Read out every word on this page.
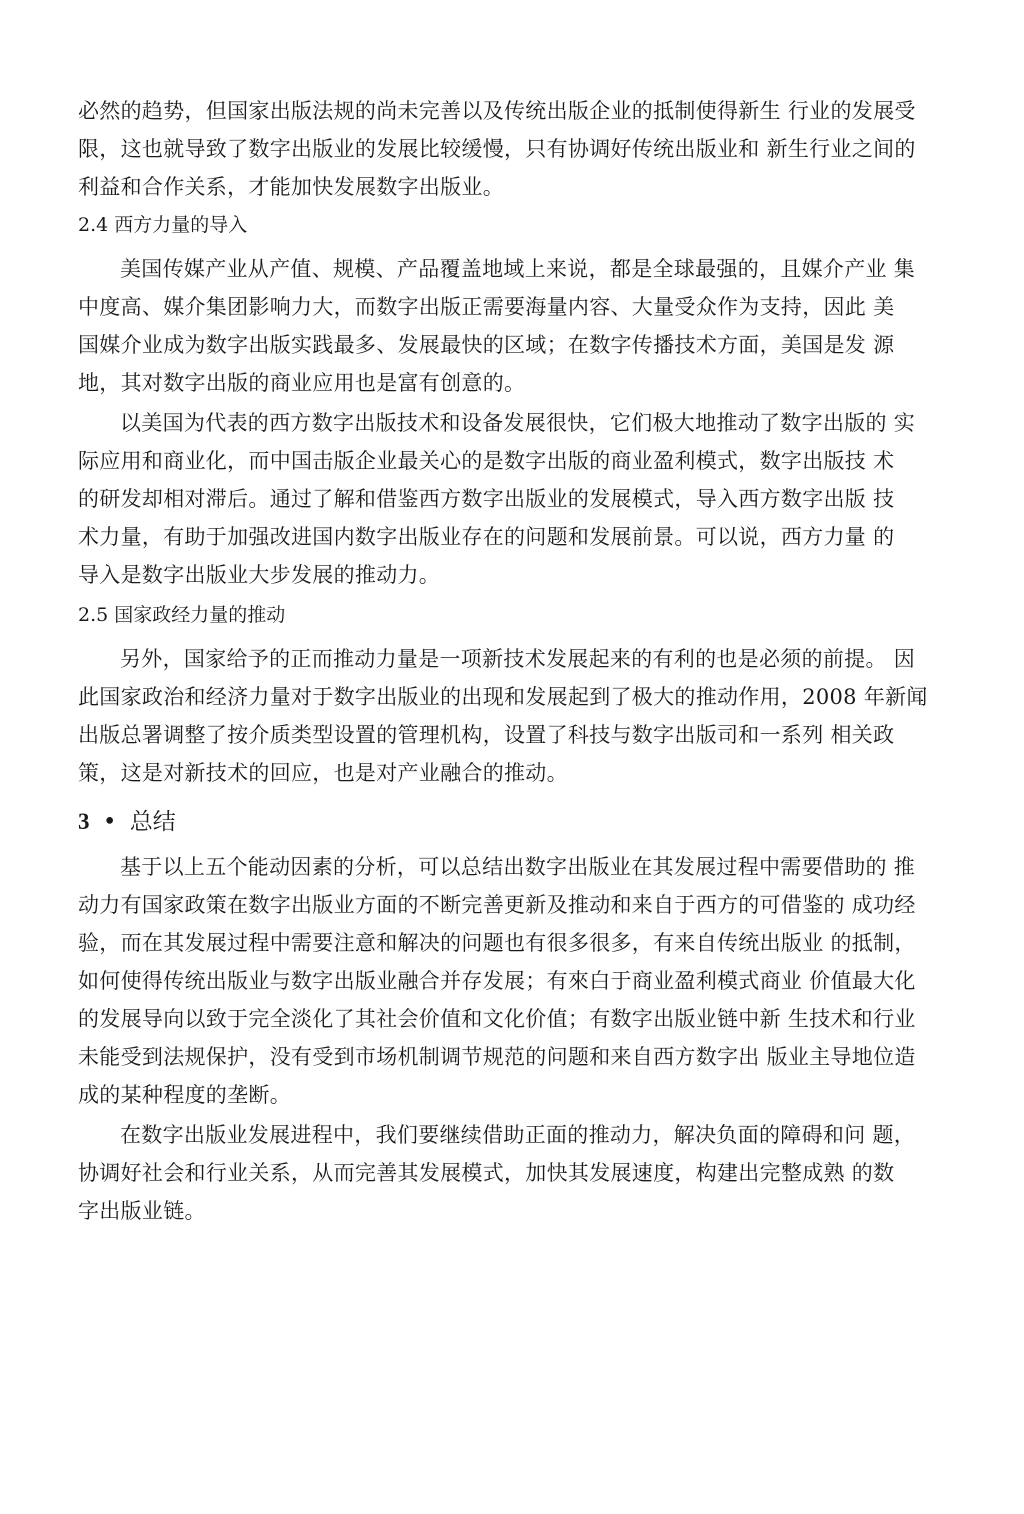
必然的趋势，但国家出版法规的尚未完善以及传统出版企业的抵制使得新生 行业的发展受
限，这也就导致了数字出版业的发展比较缓慢，只有协调好传统出版业和 新生行业之间的
利益和合作关系，才能加快发展数字出版业。
2.4 西方力量的导入
美国传媒产业从产值、规模、产品覆盖地域上来说，都是全球最强的，且媒介产业 集
中度高、媒介集团影响力大，而数字出版正需要海量内容、大量受众作为支持，因此 美
国媒介业成为数字出版实践最多、发展最快的区域；在数字传播技术方面，美国是发 源
地，其对数字出版的商业应用也是富有创意的。
以美国为代表的西方数字出版技术和设备发展很快，它们极大地推动了数字出版的 实
际应用和商业化，而中国击版企业最关心的是数字出版的商业盈利模式，数字出版技 术
的研发却相对滞后。通过了解和借鉴西方数字出版业的发展模式，导入西方数字出版 技
术力量，有助于加强改进国内数字出版业存在的问题和发展前景。可以说，西方力量 的
导入是数字出版业大步发展的推动力。
2.5 国家政经力量的推动
另外，国家给予的正而推动力量是一项新技术发展起来的有利的也是必须的前提。 因
此国家政治和经济力量对于数字出版业的出现和发展起到了极大的推动作用，2008 年新闻
出版总署调整了按介质类型设置的管理机构，设置了科技与数字出版司和一系列 相关政
策，这是对新技术的回应，也是对产业融合的推动。
3 • 总结
基于以上五个能动因素的分析，可以总结出数字出版业在其发展过程中需要借助的 推
动力有国家政策在数字出版业方面的不断完善更新及推动和来自于西方的可借鉴的 成功经
验，而在其发展过程中需要注意和解决的问题也有很多很多，有来自传统出版业 的抵制，
如何使得传统出版业与数字出版业融合并存发展；有來白于商业盈利模式商业 价值最大化
的发展导向以致于完全淡化了其社会价值和文化价值；有数字出版业链中新 生技术和行业
未能受到法规保护，没有受到市场机制调节规范的问题和来自西方数字出 版业主导地位造
成的某种程度的垄断。
在数字出版业发展进程中，我们要继续借助正面的推动力，解决负面的障碍和问 题，
协调好社会和行业关系，从而完善其发展模式，加快其发展速度，构建出完整成熟 的数
字出版业链。
